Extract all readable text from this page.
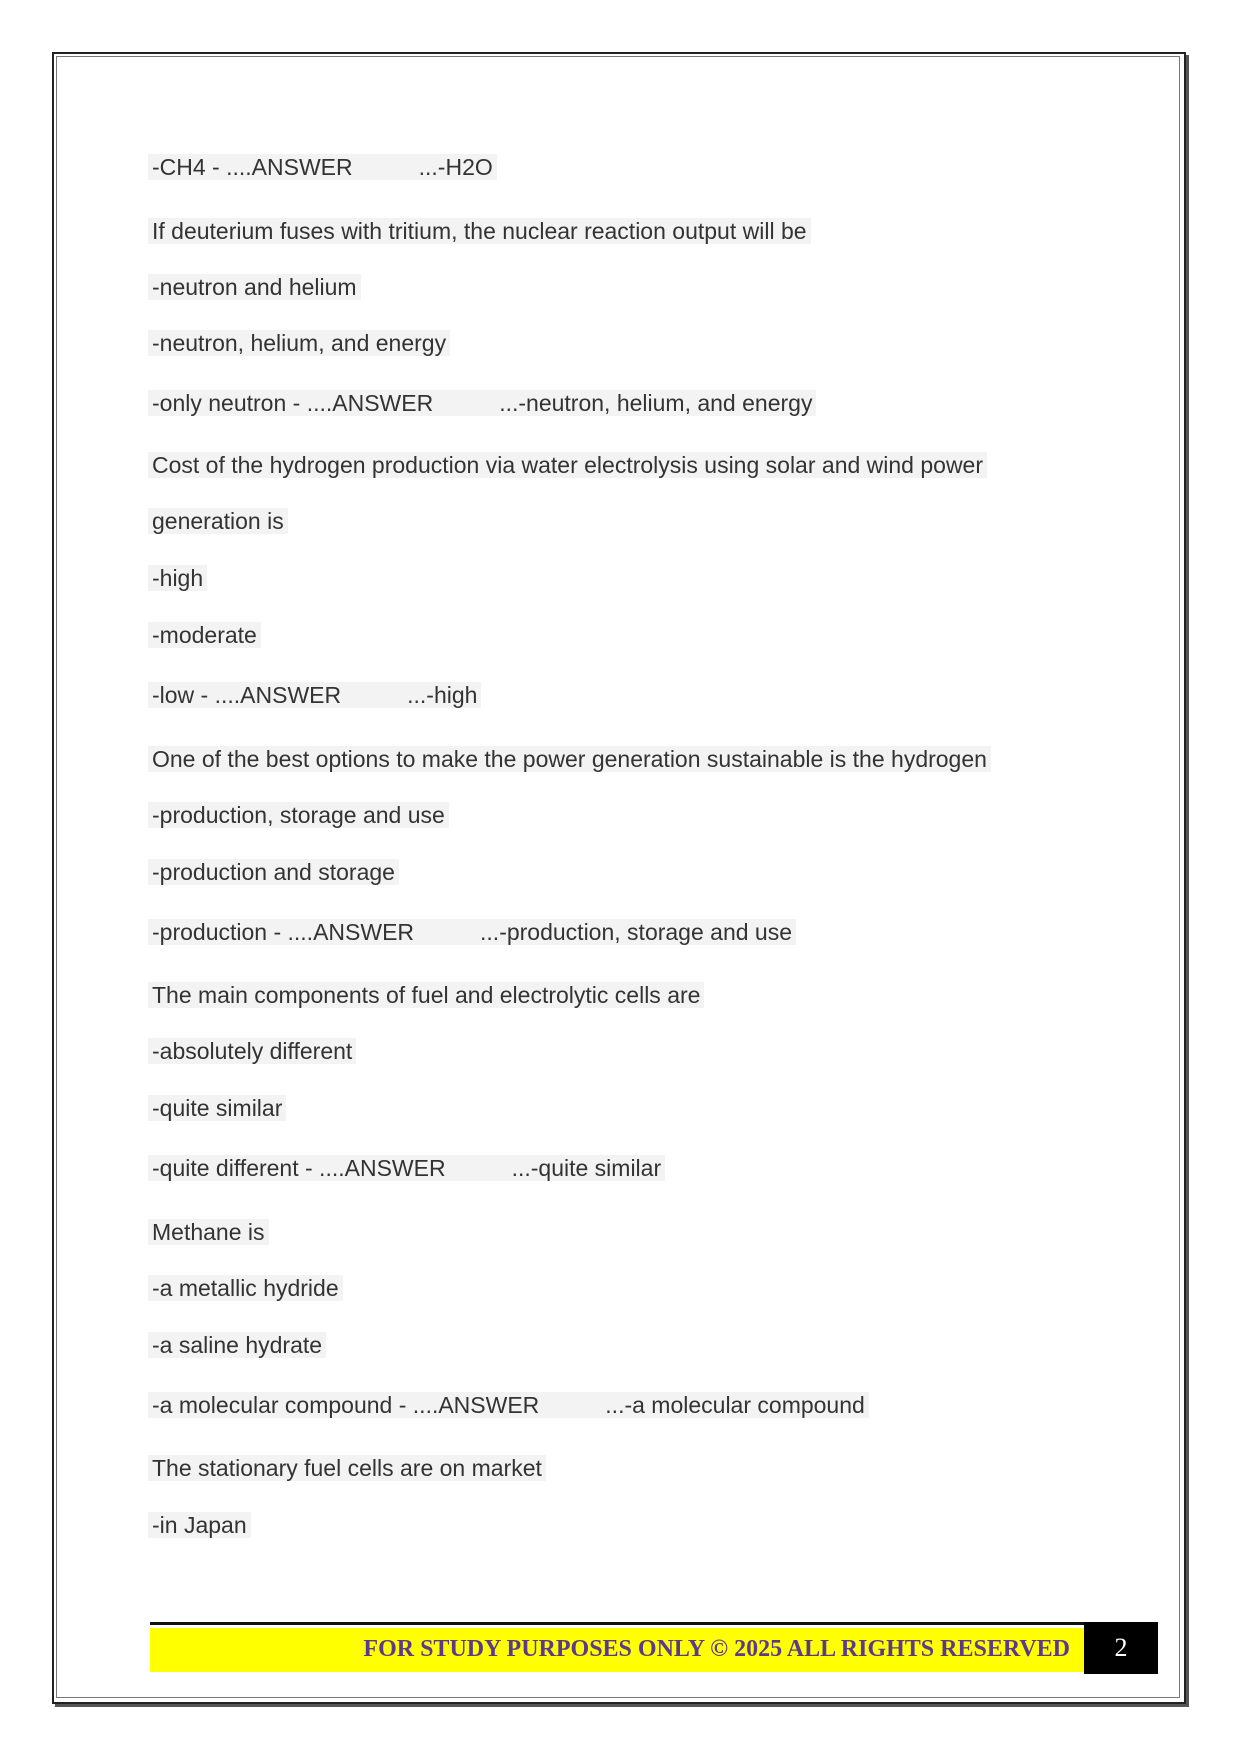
-CH4 - ....ANSWER	...-H2O
If deuterium fuses with tritium, the nuclear reaction output will be
-neutron and helium
-neutron, helium, and energy
-only neutron - ....ANSWER	...-neutron, helium, and energy
Cost of the hydrogen production via water electrolysis using solar and wind power
generation is
-high
-moderate
-low - ....ANSWER	...-high
One of the best options to make the power generation sustainable is the hydrogen
-production, storage and use
-production and storage
-production - ....ANSWER	...-production, storage and use
The main components of fuel and electrolytic cells are
-absolutely different
-quite similar
-quite different - ....ANSWER	...-quite similar
Methane is
-a metallic hydride
-a saline hydrate
-a molecular compound - ....ANSWER	...-a molecular compound
The stationary fuel cells are on market
-in Japan
FOR STUDY PURPOSES ONLY © 2025 ALL RIGHTS RESERVED	2
